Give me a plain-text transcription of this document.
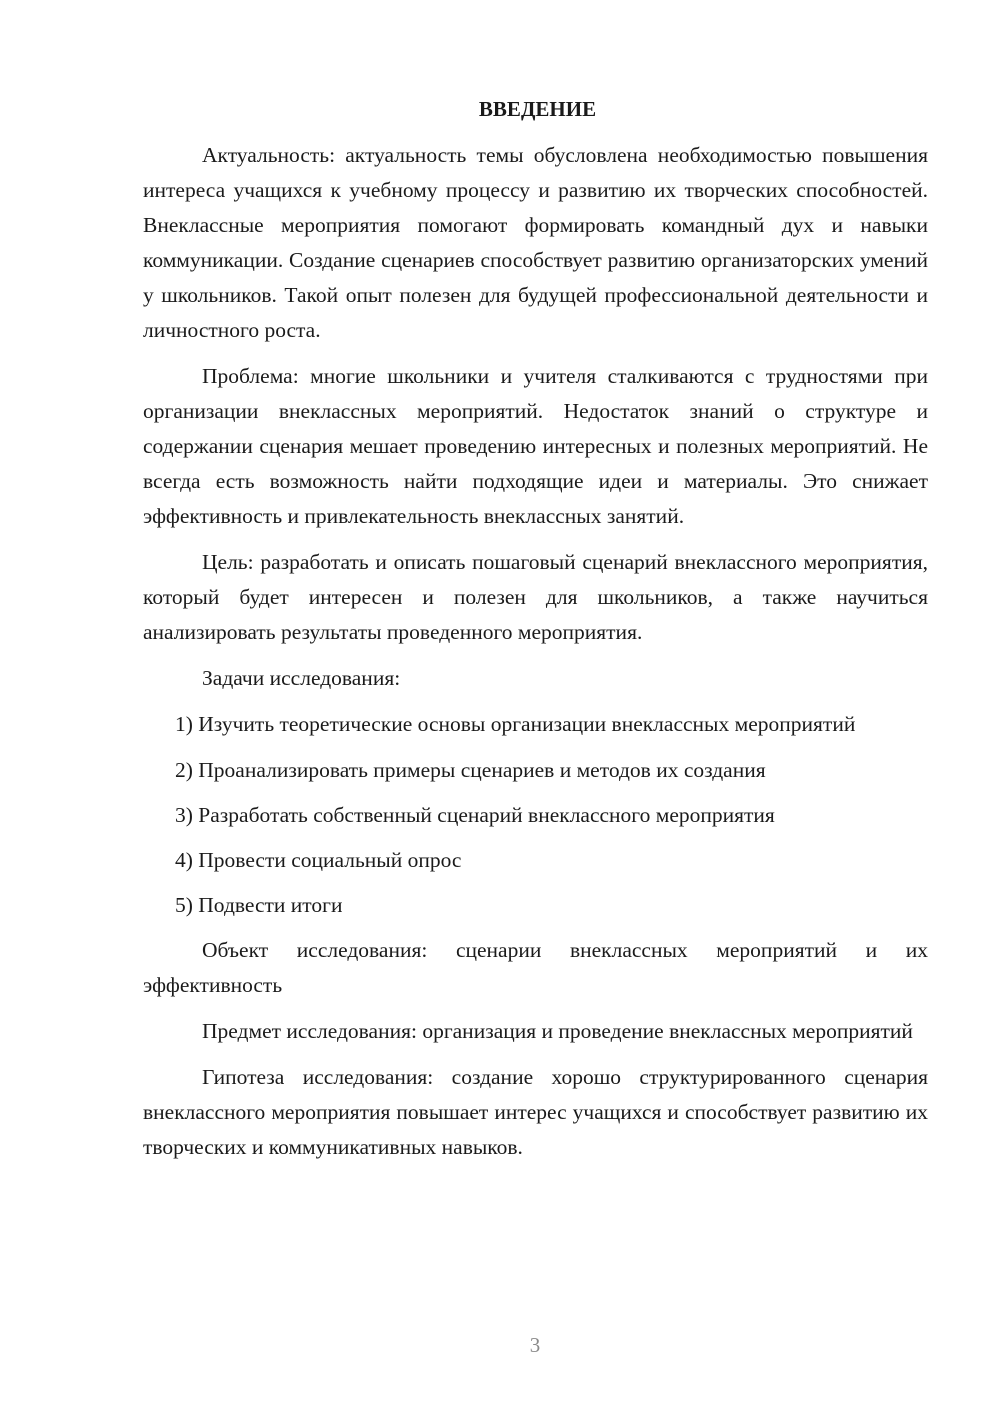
ВВЕДЕНИЕ

Актуальность: актуальность темы обусловлена необходимостью повышения интереса учащихся к учебному процессу и развитию их творческих способностей. Внеклассные мероприятия помогают формировать командный дух и навыки коммуникации. Создание сценариев способствует развитию организаторских умений у школьников. Такой опыт полезен для будущей профессиональной деятельности и личностного роста.

Проблема: многие школьники и учителя сталкиваются с трудностями при организации внеклассных мероприятий. Недостаток знаний о структуре и содержании сценария мешает проведению интересных и полезных мероприятий. Не всегда есть возможность найти подходящие идеи и материалы. Это снижает эффективность и привлекательность внеклассных занятий.

Цель: разработать и описать пошаговый сценарий внеклассного мероприятия, который будет интересен и полезен для школьников, а также научиться анализировать результаты проведенного мероприятия.

Задачи исследования:

1) Изучить теоретические основы организации внеклассных мероприятий

2) Проанализировать примеры сценариев и методов их создания

3) Разработать собственный сценарий внеклассного мероприятия

4) Провести социальный опрос

5) Подвести итоги

Объект исследования: сценарии внеклассных мероприятий и их эффективность

Предмет исследования: организация и проведение внеклассных мероприятий

Гипотеза исследования: создание хорошо структурированного сценария внеклассного мероприятия повышает интерес учащихся и способствует развитию их творческих и коммуникативных навыков.

3
